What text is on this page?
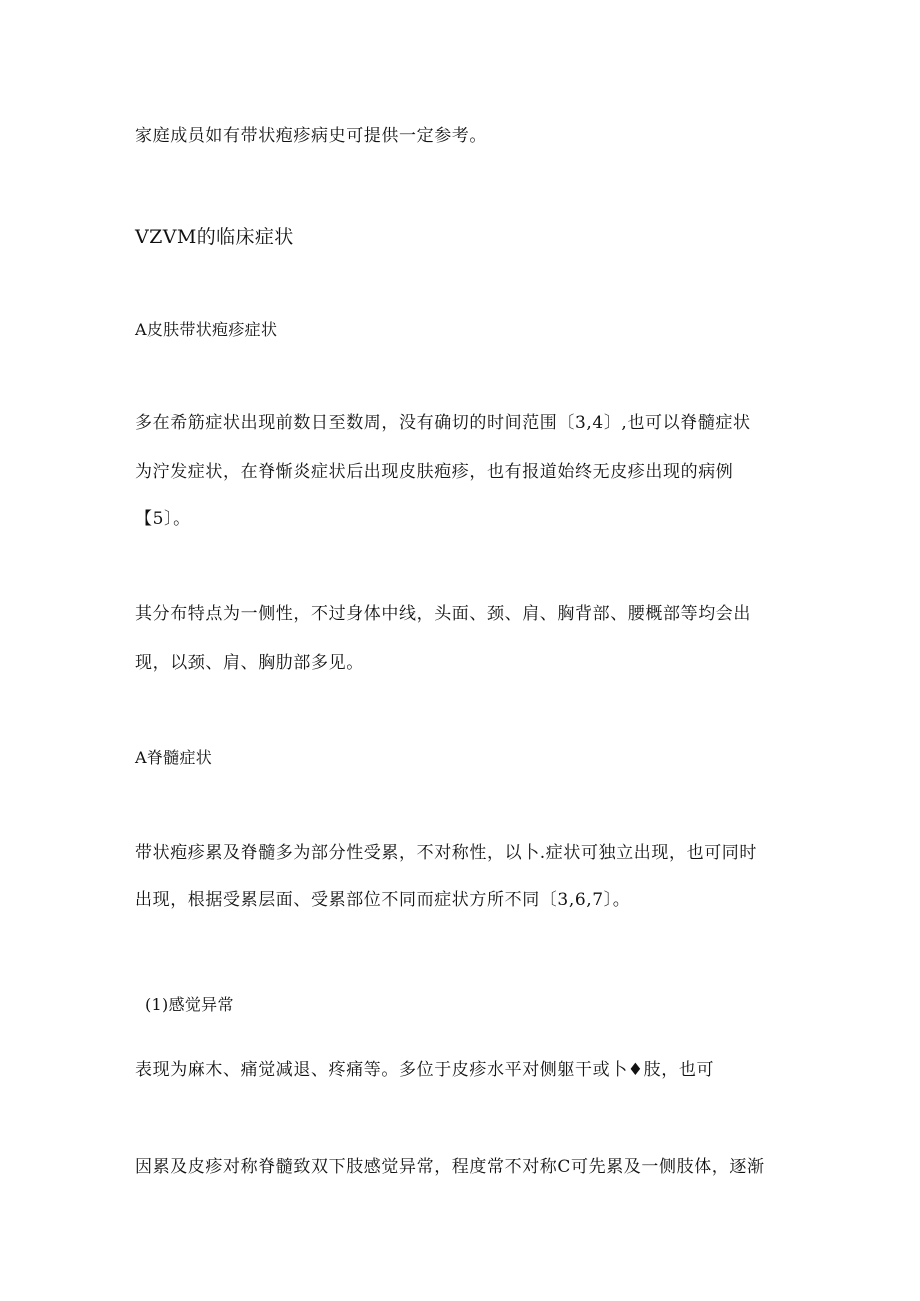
家庭成员如有带状疱疹病史可提供一定参考。
VZVM的临床症状
A皮肤带状疱疹症状
多在希筋症状出现前数日至数周，没有确切的时间范围〔3,4〕,也可以脊髓症状
为泞发症状，在脊惭炎症状后出现皮肤疱疹，也有报道始终无皮疹出现的病例
【5〕。
其分布特点为一侧性，不过身体中线，头面、颈、肩、胸背部、腰概部等均会出
现，以颈、肩、胸肋部多见。
A脊髓症状
带状疱疹累及脊髓多为部分性受累，不对称性，以卜.症状可独立出现，也可同时
出现，根据受累层面、受累部位不同而症状方所不同〔3,6,7〕。
(1)感觉异常
表现为麻木、痛觉减退、疼痛等。多位于皮疹水平对侧躯干或卜♦肢，也可
因累及皮疹对称脊髓致双下肢感觉异常，程度常不对称C可先累及一侧肢体，逐渐
